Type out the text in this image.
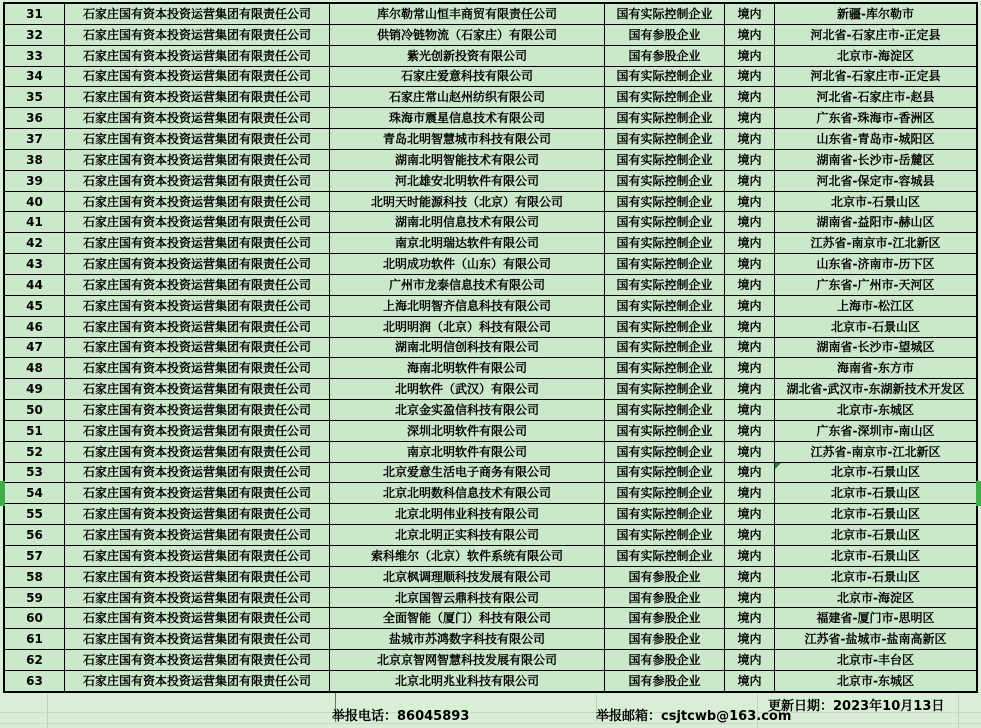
31	石家庄国有资本投资运营集团有限责任公司	库尔勒常山恒丰商贸有限责任公司	国有实际控制企业	境内	新疆-库尔勒市
32	石家庄国有资本投资运营集团有限责任公司	供销冷链物流（石家庄）有限公司	国有参股企业	境内	河北省-石家庄市-正定县
33	石家庄国有资本投资运营集团有限责任公司	紫光创新投资有限公司	国有参股企业	境内	北京市-海淀区
34	石家庄国有资本投资运营集团有限责任公司	石家庄爱意科技有限公司	国有实际控制企业	境内	河北省-石家庄市-正定县
35	石家庄国有资本投资运营集团有限责任公司	石家庄常山赵州纺织有限公司	国有实际控制企业	境内	河北省-石家庄市-赵县
36	石家庄国有资本投资运营集团有限责任公司	珠海市震星信息技术有限公司	国有实际控制企业	境内	广东省-珠海市-香洲区
37	石家庄国有资本投资运营集团有限责任公司	青岛北明智慧城市科技有限公司	国有实际控制企业	境内	山东省-青岛市-城阳区
38	石家庄国有资本投资运营集团有限责任公司	湖南北明智能技术有限公司	国有实际控制企业	境内	湖南省-长沙市-岳麓区
39	石家庄国有资本投资运营集团有限责任公司	河北雄安北明软件有限公司	国有实际控制企业	境内	河北省-保定市-容城县
40	石家庄国有资本投资运营集团有限责任公司	北明天时能源科技（北京）有限公司	国有实际控制企业	境内	北京市-石景山区
41	石家庄国有资本投资运营集团有限责任公司	湖南北明信息技术有限公司	国有实际控制企业	境内	湖南省-益阳市-赫山区
42	石家庄国有资本投资运营集团有限责任公司	南京北明瑞达软件有限公司	国有实际控制企业	境内	江苏省-南京市-江北新区
43	石家庄国有资本投资运营集团有限责任公司	北明成功软件（山东）有限公司	国有实际控制企业	境内	山东省-济南市-历下区
44	石家庄国有资本投资运营集团有限责任公司	广州市龙泰信息技术有限公司	国有实际控制企业	境内	广东省-广州市-天河区
45	石家庄国有资本投资运营集团有限责任公司	上海北明智齐信息科技有限公司	国有实际控制企业	境内	上海市-松江区
46	石家庄国有资本投资运营集团有限责任公司	北明明润（北京）科技有限公司	国有实际控制企业	境内	北京市-石景山区
47	石家庄国有资本投资运营集团有限责任公司	湖南北明信创科技有限公司	国有实际控制企业	境内	湖南省-长沙市-望城区
48	石家庄国有资本投资运营集团有限责任公司	海南北明软件有限公司	国有实际控制企业	境内	海南省-东方市
49	石家庄国有资本投资运营集团有限责任公司	北明软件（武汉）有限公司	国有实际控制企业	境内	湖北省-武汉市-东湖新技术开发区
50	石家庄国有资本投资运营集团有限责任公司	北京金实盈信科技有限公司	国有实际控制企业	境内	北京市-东城区
51	石家庄国有资本投资运营集团有限责任公司	深圳北明软件有限公司	国有实际控制企业	境内	广东省-深圳市-南山区
52	石家庄国有资本投资运营集团有限责任公司	南京北明软件有限公司	国有实际控制企业	境内	江苏省-南京市-江北新区
53	石家庄国有资本投资运营集团有限责任公司	北京爱意生活电子商务有限公司	国有实际控制企业	境内	北京市-石景山区
54	石家庄国有资本投资运营集团有限责任公司	北京北明数科信息技术有限公司	国有实际控制企业	境内	北京市-石景山区
55	石家庄国有资本投资运营集团有限责任公司	北京北明伟业科技有限公司	国有实际控制企业	境内	北京市-石景山区
56	石家庄国有资本投资运营集团有限责任公司	北京北明正实科技有限公司	国有实际控制企业	境内	北京市-石景山区
57	石家庄国有资本投资运营集团有限责任公司	索科维尔（北京）软件系统有限公司	国有实际控制企业	境内	北京市-石景山区
58	石家庄国有资本投资运营集团有限责任公司	北京枫调理顺科技发展有限公司	国有参股企业	境内	北京市-石景山区
59	石家庄国有资本投资运营集团有限责任公司	北京国智云鼎科技有限公司	国有参股企业	境内	北京市-海淀区
60	石家庄国有资本投资运营集团有限责任公司	全面智能（厦门）科技有限公司	国有参股企业	境内	福建省-厦门市-思明区
61	石家庄国有资本投资运营集团有限责任公司	盐城市苏鸿数字科技有限公司	国有参股企业	境内	江苏省-盐城市-盐南高新区
62	石家庄国有资本投资运营集团有限责任公司	北京京智网智慧科技发展有限公司	国有参股企业	境内	北京市-丰台区
63	石家庄国有资本投资运营集团有限责任公司	北京北明兆业科技有限公司	国有参股企业	境内	北京市-东城区
更新日期：2023年10月13日
举报电话：86045893	举报邮箱：csjtcwb@163.com
